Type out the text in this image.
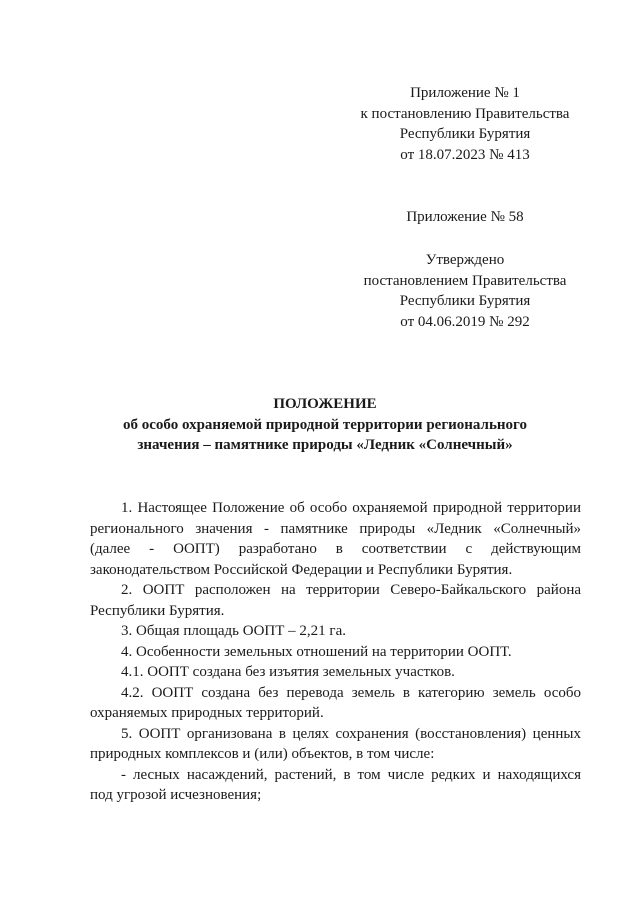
Приложение № 1
к постановлению Правительства
Республики Бурятия
от 18.07.2023 № 413
Приложение № 58
Утверждено
постановлением Правительства
Республики Бурятия
от 04.06.2019 № 292
ПОЛОЖЕНИЕ
об особо охраняемой природной территории регионального
значения – памятнике природы «Ледник «Солнечный»
1. Настоящее Положение об особо охраняемой природной территории
регионального значения - памятнике природы «Ледник «Солнечный»
(далее - ООПТ) разработано в соответствии с действующим
законодательством Российской Федерации и Республики Бурятия.
2. ООПТ расположен на территории Северо-Байкальского района
Республики Бурятия.
3. Общая площадь ООПТ – 2,21 га.
4. Особенности земельных отношений на территории ООПТ.
4.1. ООПТ создана без изъятия земельных участков.
4.2. ООПТ создана без перевода земель в категорию земель особо
охраняемых природных территорий.
5. ООПТ организована в целях сохранения (восстановления) ценных
природных комплексов и (или) объектов, в том числе:
- лесных насаждений, растений, в том числе редких и находящихся
под угрозой исчезновения;
